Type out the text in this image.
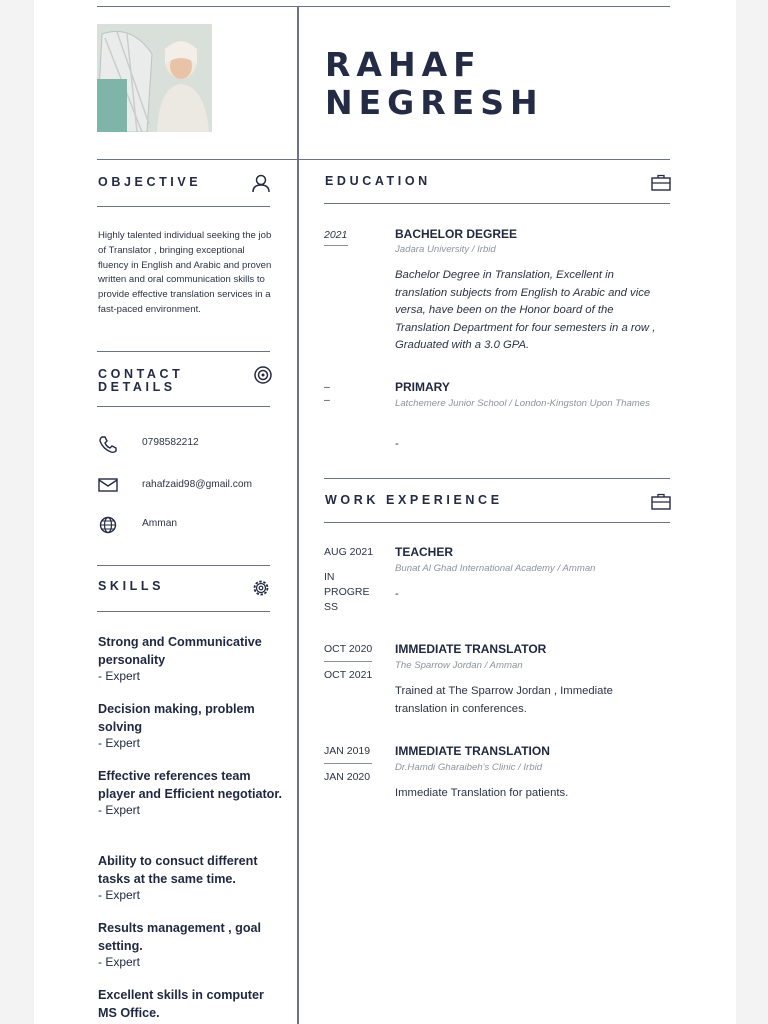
RAHAF
NEGRESH
OBJECTIVE
Highly talented individual seeking the job of Translator , bringing exceptional fluency in English and Arabic and proven written and oral communication skills to provide effective translation services in a fast-paced environment.
CONTACT
DETAILS
0798582212
rahafzaid98@gmail.com
Amman
SKILLS
Strong and Communicative personality
- Expert
Decision making, problem solving
- Expert
Effective references team player and Efficient negotiator.
- Expert
Ability to consuct different tasks at the same time.
- Expert
Results management , goal setting.
- Expert
Excellent skills in computer MS Office.
EDUCATION
2021	BACHELOR DEGREE
Jadara University / Irbid
Bachelor Degree in Translation, Excellent in translation subjects from English to Arabic and vice versa, have been on the Honor board of the Translation Department for four semesters in a row , Graduated with a 3.0 GPA.
–
–
PRIMARY
Latchemere Junior School / London-Kingston Upon Thames
-
WORK EXPERIENCE
AUG 2021
IN PROGRE SS
TEACHER
Bunat Al Ghad International Academy / Amman
-
OCT 2020
OCT 2021
IMMEDIATE TRANSLATOR
The Sparrow Jordan / Amman
Trained at The Sparrow Jordan , Immediate translation in conferences.
JAN 2019
JAN 2020
IMMEDIATE TRANSLATION
Dr.Hamdi Gharaibeh's Clinic / Irbid
Immediate Translation for patients.
